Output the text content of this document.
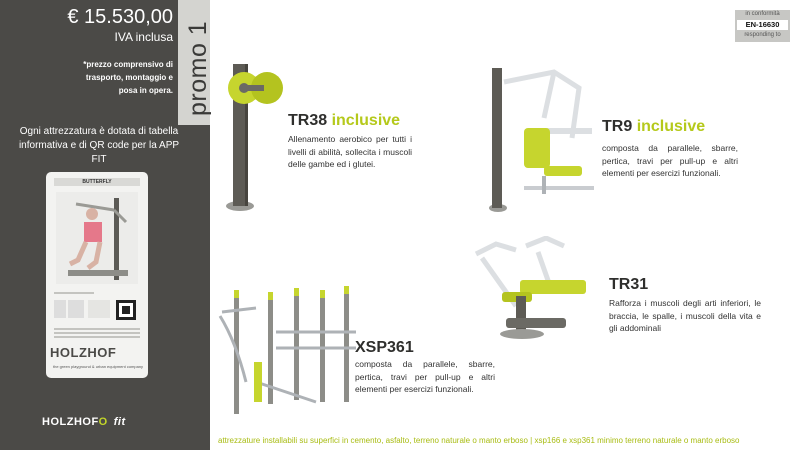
€ 15.530,00
IVA inclusa
*prezzo comprensivo di trasporto, montaggio e posa in opera.
Ogni attrezzatura è dotata di tabella informativa e di QR code per la APP FIT
BUTTERFLY
HOLZHOF
the green playground & urban equipment company
HOLZHOFO fit
promo 1
in conformità
EN-16630
responding to
TR38 inclusive
Allenamento aerobico per tutti i livelli di abilità, sollecita i muscoli delle gambe ed i glutei.
TR9 inclusive
composta da parallele, sbarre, pertica, travi per pull-up e altri elementi per esercizi funzionali.
TR31
Rafforza i muscoli degli arti inferiori, le braccia, le spalle, i muscoli della vita e gli addominali
XSP361
composta da parallele, sbarre, pertica, travi per pull-up e altri elementi per esercizi funzionali.
attrezzature installabili su superfici in cemento, asfalto, terreno naturale o manto erboso | xsp166 e xsp361 minimo terreno naturale o manto erboso
